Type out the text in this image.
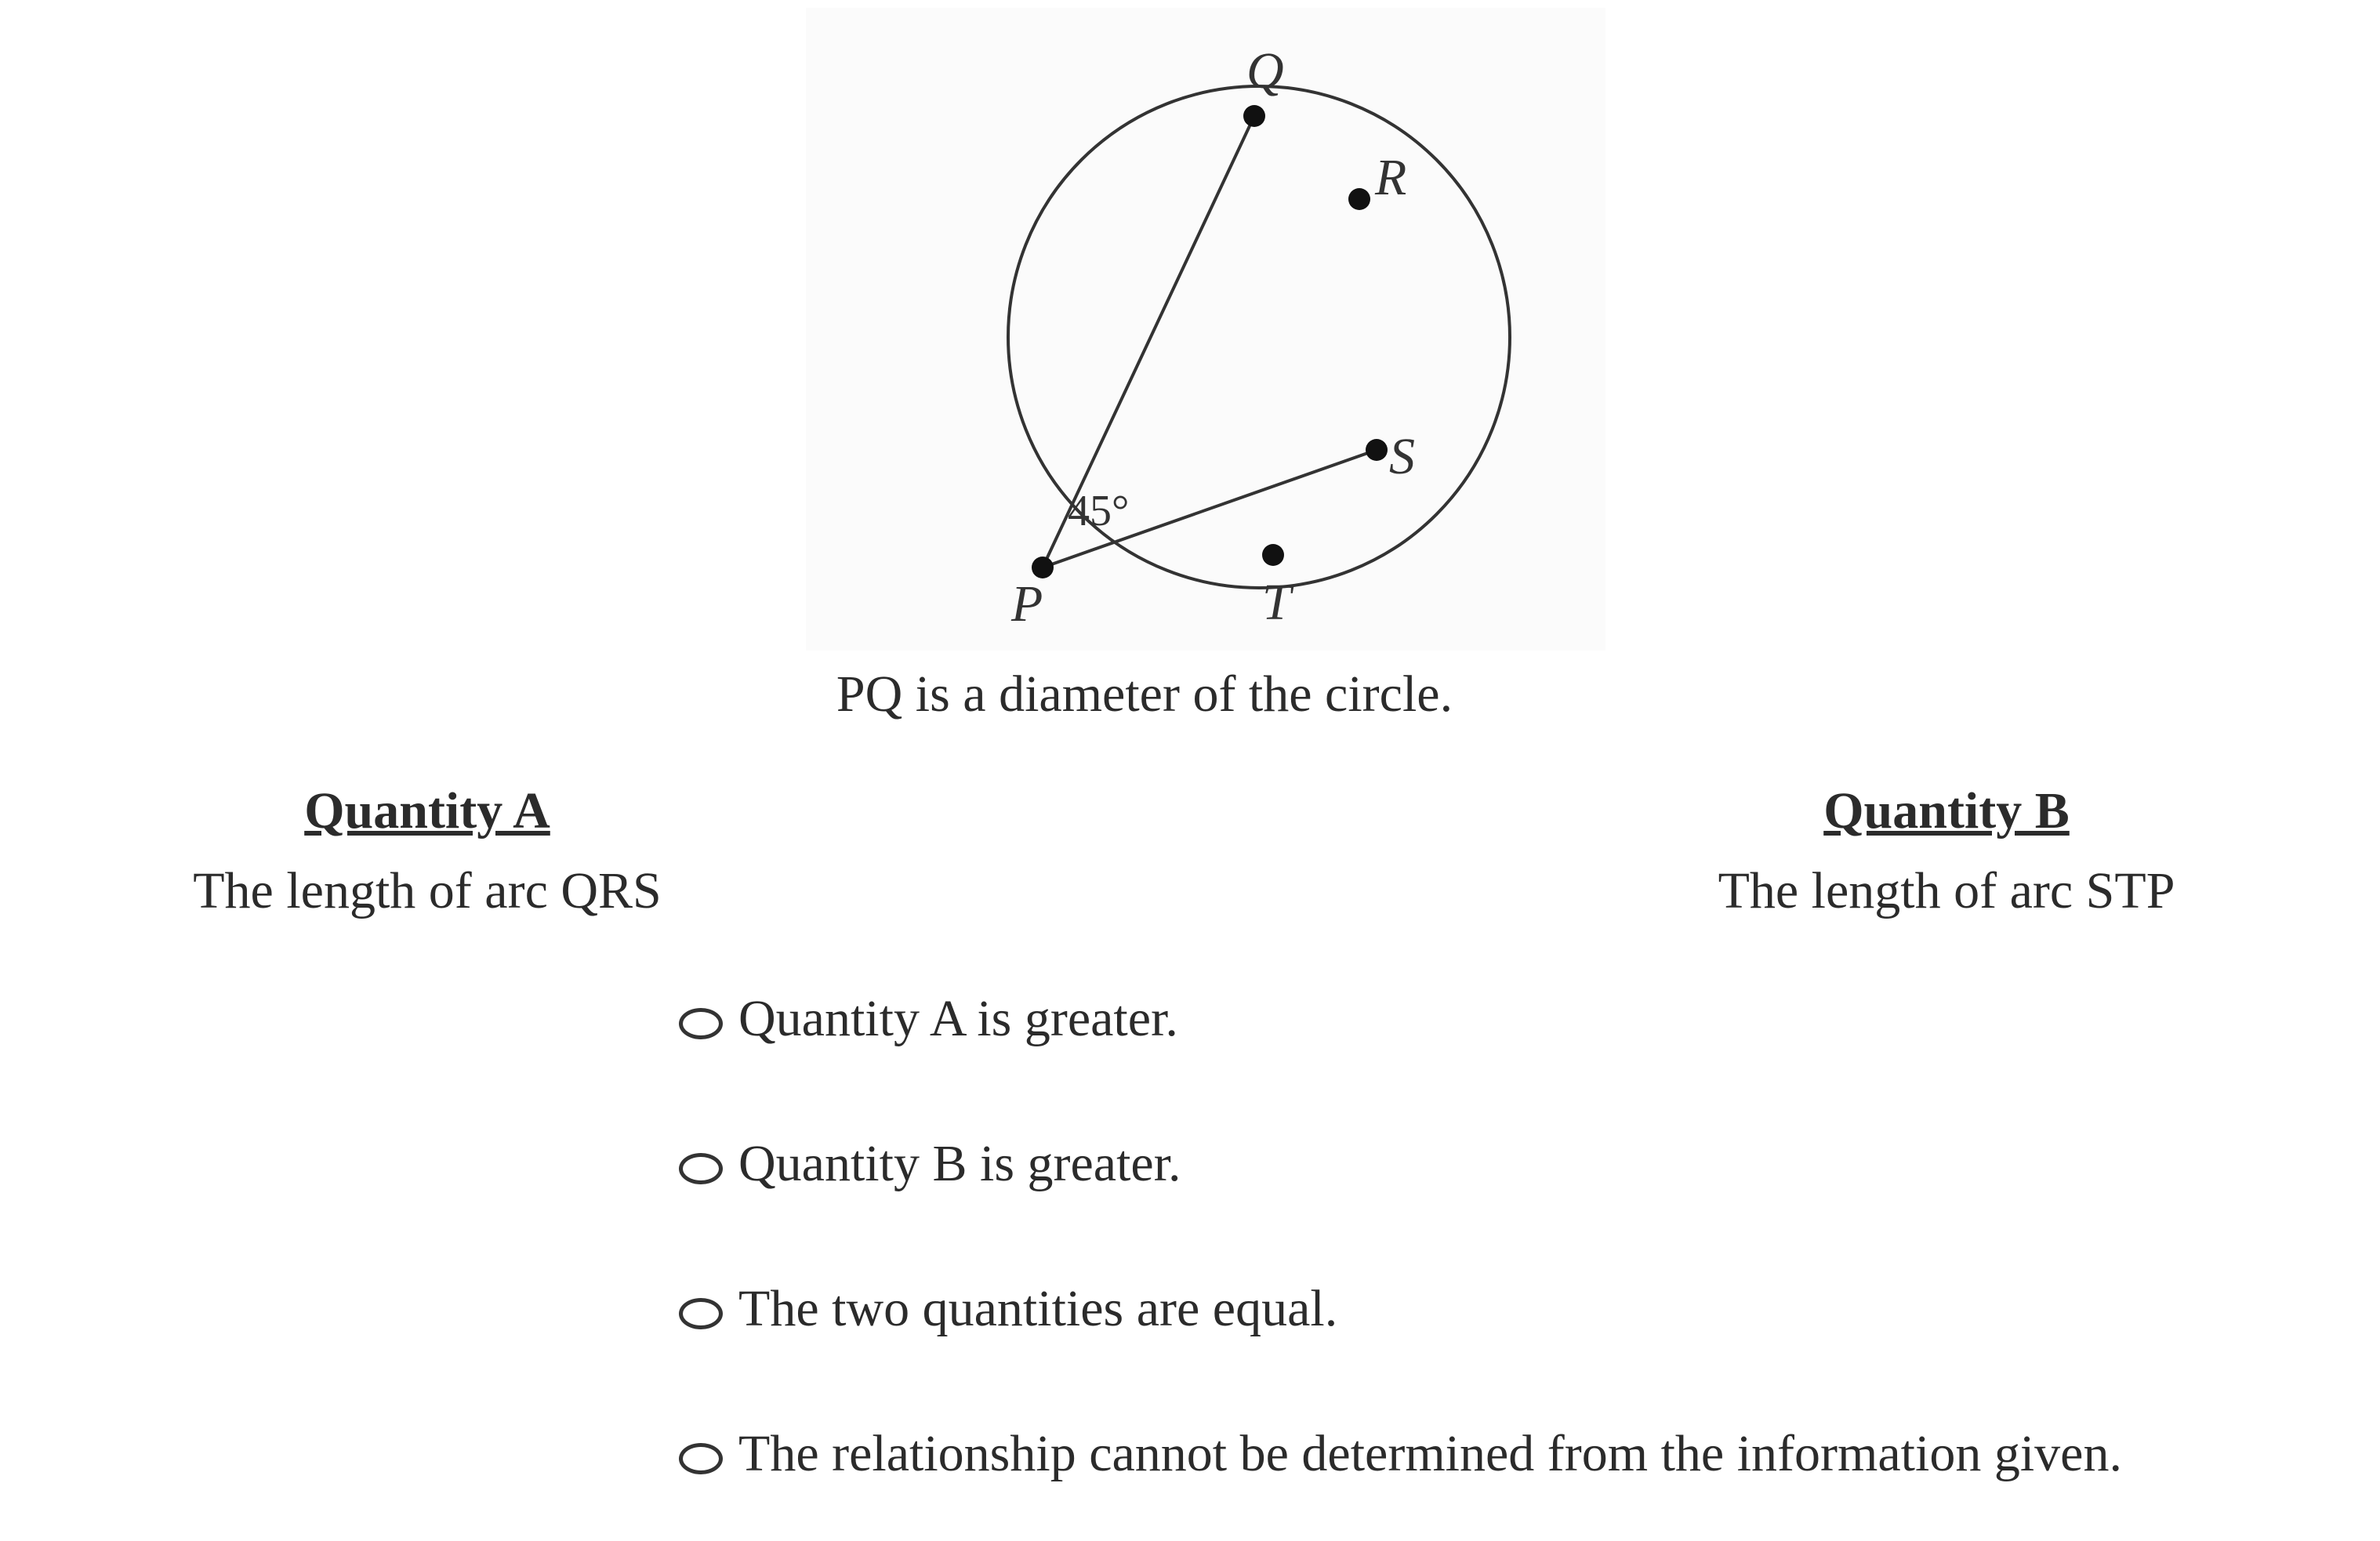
Q
R
S
T
P
45°
PQ is a diameter of the circle.
Quantity A
The length of arc QRS
Quantity B
The length of arc STP
Quantity A is greater.
Quantity B is greater.
The two quantities are equal.
The relationship cannot be determined from the information given.
